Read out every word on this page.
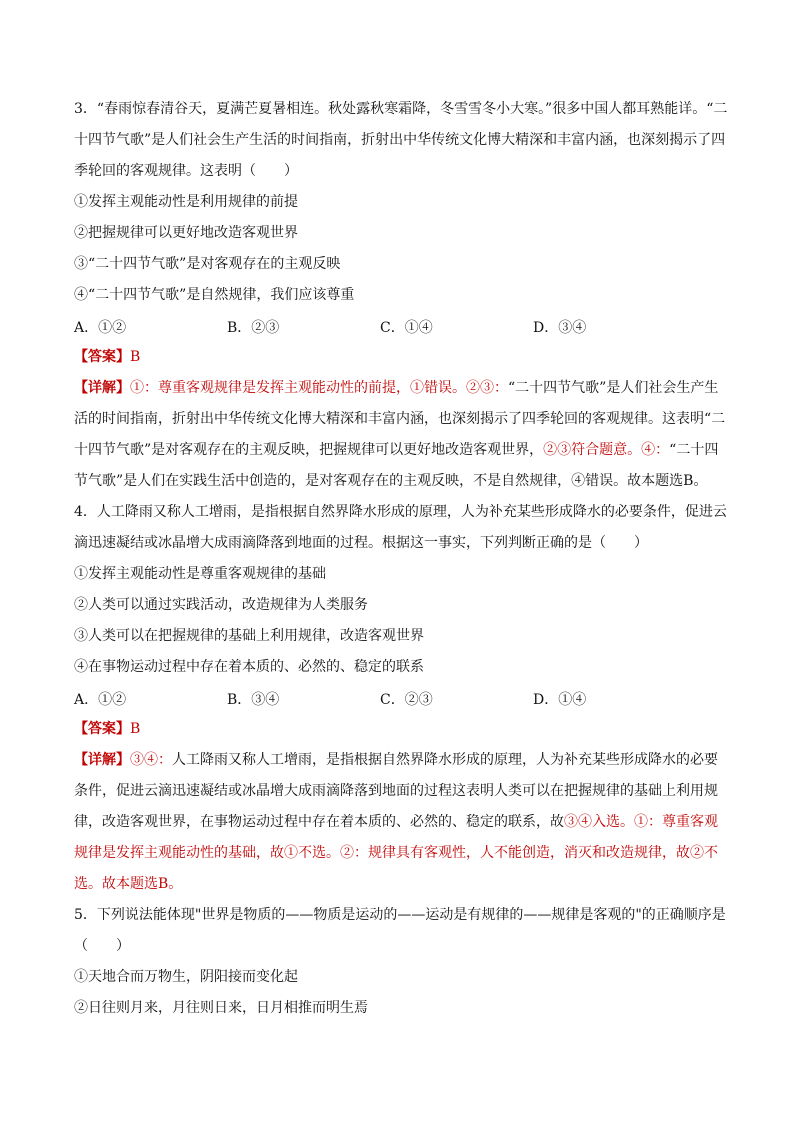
3．“春雨惊春清谷天，夏满芒夏暑相连。秋处露秋寒霜降，冬雪雪冬小大寒。”很多中国人都耳熟能详。“二十四节气歌”是人们社会生产生活的时间指南，折射出中华传统文化博大精深和丰富内涵，也深刻揭示了四季轮回的客观规律。这表明（　　）

①发挥主观能动性是利用规律的前提

②把握规律可以更好地改造客观世界

③“二十四节气歌”是对客观存在的主观反映

④“二十四节气歌”是自然规律，我们应该尊重

A．①②	B．②③	C．①④	D．③④

【答案】B

【详解】①：尊重客观规律是发挥主观能动性的前提，①错误。②③：“二十四节气歌”是人们社会生产生活的时间指南，折射出中华传统文化博大精深和丰富内涵，也深刻揭示了四季轮回的客观规律。这表明“二十四节气歌”是对客观存在的主观反映，把握规律可以更好地改造客观世界，②③符合题意。④：“二十四节气歌”是人们在实践生活中创造的，是对客观存在的主观反映，不是自然规律，④错误。故本题选B。

4．人工降雨又称人工增雨，是指根据自然界降水形成的原理，人为补充某些形成降水的必要条件，促进云滴迅速凝结或冰晶增大成雨滴降落到地面的过程。根据这一事实，下列判断正确的是（　　）

①发挥主观能动性是尊重客观规律的基础

②人类可以通过实践活动，改造规律为人类服务

③人类可以在把握规律的基础上利用规律，改造客观世界

④在事物运动过程中存在着本质的、必然的、稳定的联系

A．①②	B．③④	C．②③	D．①④

【答案】B

【详解】③④：人工降雨又称人工增雨，是指根据自然界降水形成的原理，人为补充某些形成降水的必要条件，促进云滴迅速凝结或冰晶增大成雨滴降落到地面的过程这表明人类可以在把握规律的基础上利用规律，改造客观世界，在事物运动过程中存在着本质的、必然的、稳定的联系，故③④入选。①：尊重客观规律是发挥主观能动性的基础，故①不选。②：规律具有客观性，人不能创造，消灭和改造规律，故②不选。故本题选B。

5．下列说法能体现"世界是物质的——物质是运动的——运动是有规律的——规律是客观的"的正确顺序是（　　）

①天地合而万物生，阴阳接而变化起

②日往则月来，月往则日来，日月相推而明生焉
